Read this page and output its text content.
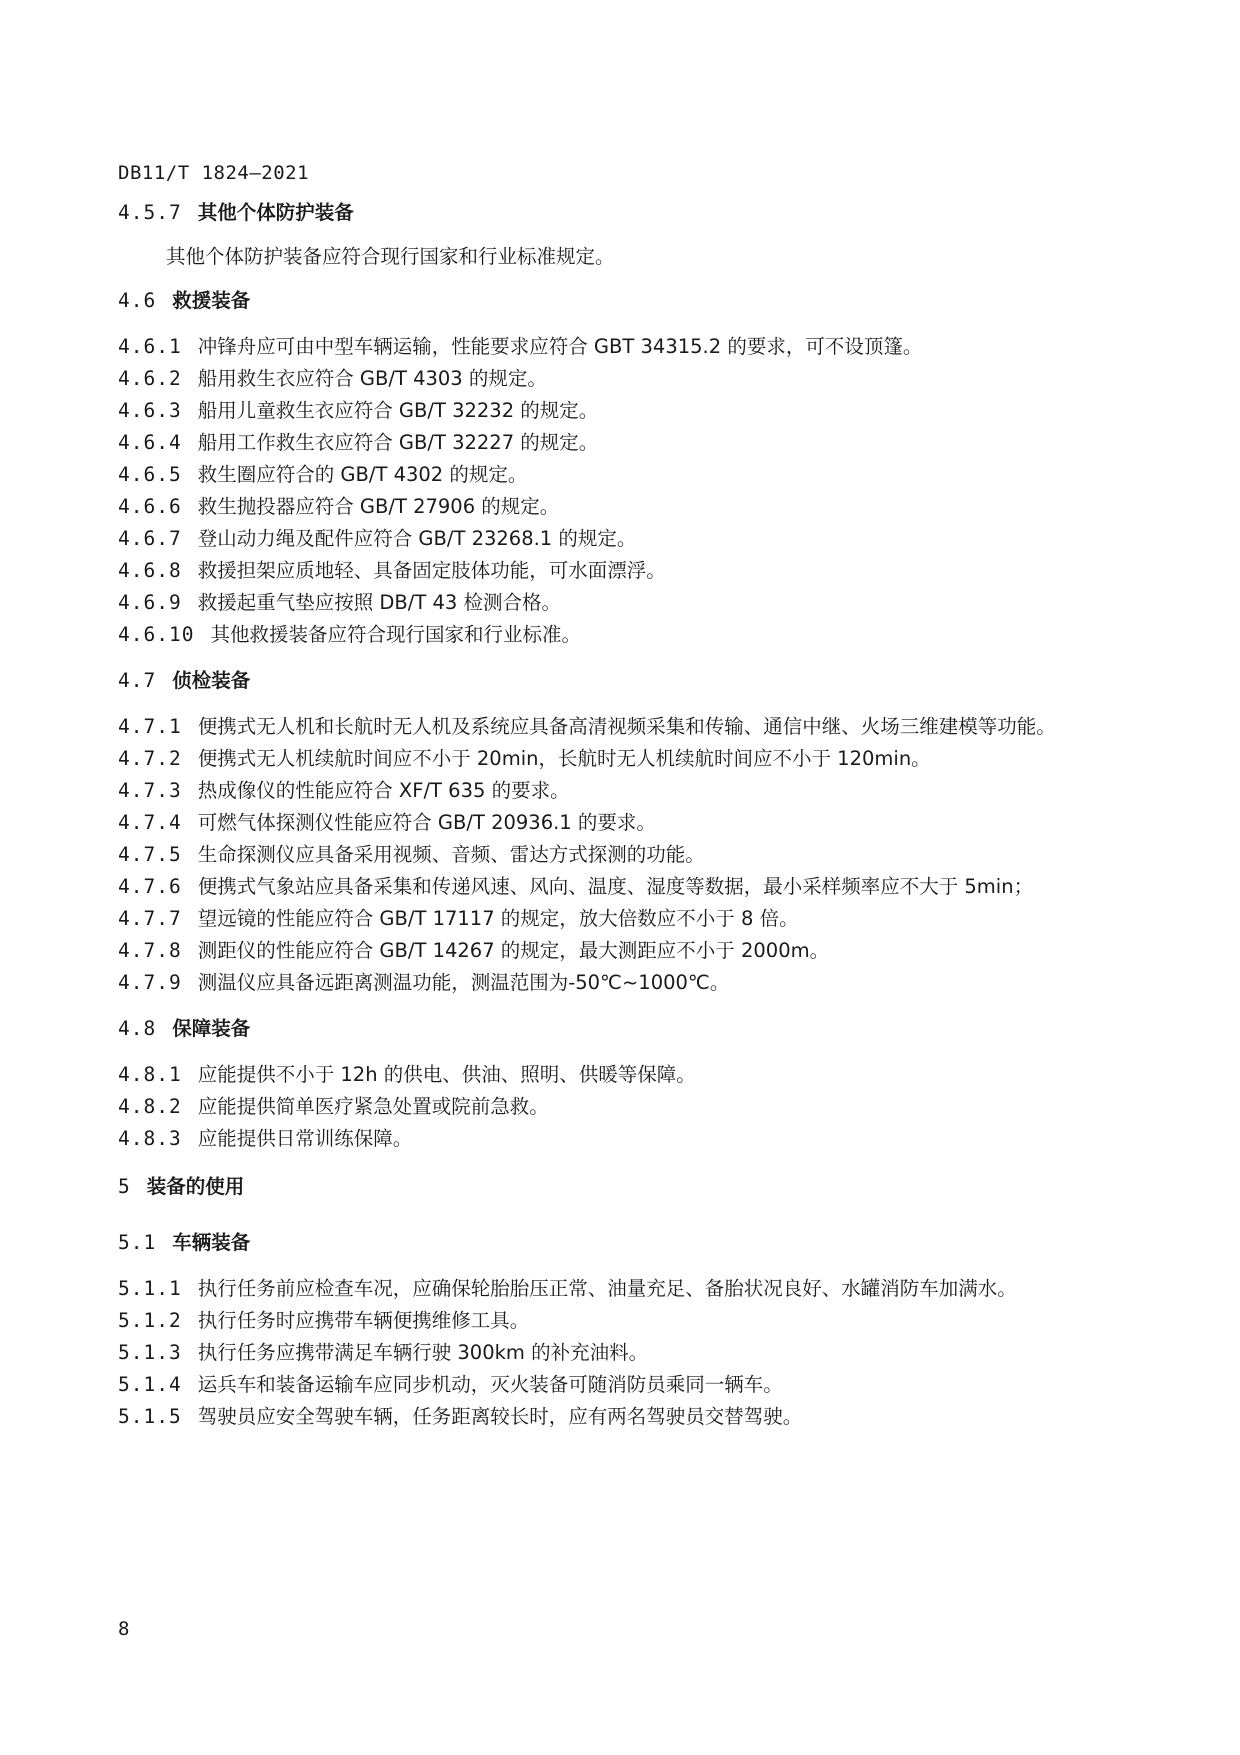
DB11/T 1824—2021
4.5.7 其他个体防护装备
其他个体防护装备应符合现行国家和行业标准规定。
4.6 救援装备
4.6.1 冲锋舟应可由中型车辆运输，性能要求应符合 GBT 34315.2 的要求，可不设顶篷。
4.6.2 船用救生衣应符合 GB/T 4303 的规定。
4.6.3 船用儿童救生衣应符合 GB/T 32232 的规定。
4.6.4 船用工作救生衣应符合 GB/T 32227 的规定。
4.6.5 救生圈应符合的 GB/T 4302 的规定。
4.6.6 救生抛投器应符合 GB/T 27906 的规定。
4.6.7 登山动力绳及配件应符合 GB/T 23268.1 的规定。
4.6.8 救援担架应质地轻、具备固定肢体功能，可水面漂浮。
4.6.9 救援起重气垫应按照 DB/T 43 检测合格。
4.6.10 其他救援装备应符合现行国家和行业标准。
4.7 侦检装备
4.7.1 便携式无人机和长航时无人机及系统应具备高清视频采集和传输、通信中继、火场三维建模等功能。
4.7.2 便携式无人机续航时间应不小于 20min，长航时无人机续航时间应不小于 120min。
4.7.3 热成像仪的性能应符合 XF/T 635 的要求。
4.7.4 可燃气体探测仪性能应符合 GB/T 20936.1 的要求。
4.7.5 生命探测仪应具备采用视频、音频、雷达方式探测的功能。
4.7.6 便携式气象站应具备采集和传递风速、风向、温度、湿度等数据，最小采样频率应不大于 5min；
4.7.7 望远镜的性能应符合 GB/T 17117 的规定，放大倍数应不小于 8 倍。
4.7.8 测距仪的性能应符合 GB/T 14267 的规定，最大测距应不小于 2000m。
4.7.9 测温仪应具备远距离测温功能，测温范围为-50℃~1000℃。
4.8 保障装备
4.8.1 应能提供不小于 12h 的供电、供油、照明、供暖等保障。
4.8.2 应能提供简单医疗紧急处置或院前急救。
4.8.3 应能提供日常训练保障。
5 装备的使用
5.1 车辆装备
5.1.1 执行任务前应检查车况，应确保轮胎胎压正常、油量充足、备胎状况良好、水罐消防车加满水。
5.1.2 执行任务时应携带车辆便携维修工具。
5.1.3 执行任务应携带满足车辆行驶 300km 的补充油料。
5.1.4 运兵车和装备运输车应同步机动，灭火装备可随消防员乘同一辆车。
5.1.5 驾驶员应安全驾驶车辆，任务距离较长时，应有两名驾驶员交替驾驶。
8
